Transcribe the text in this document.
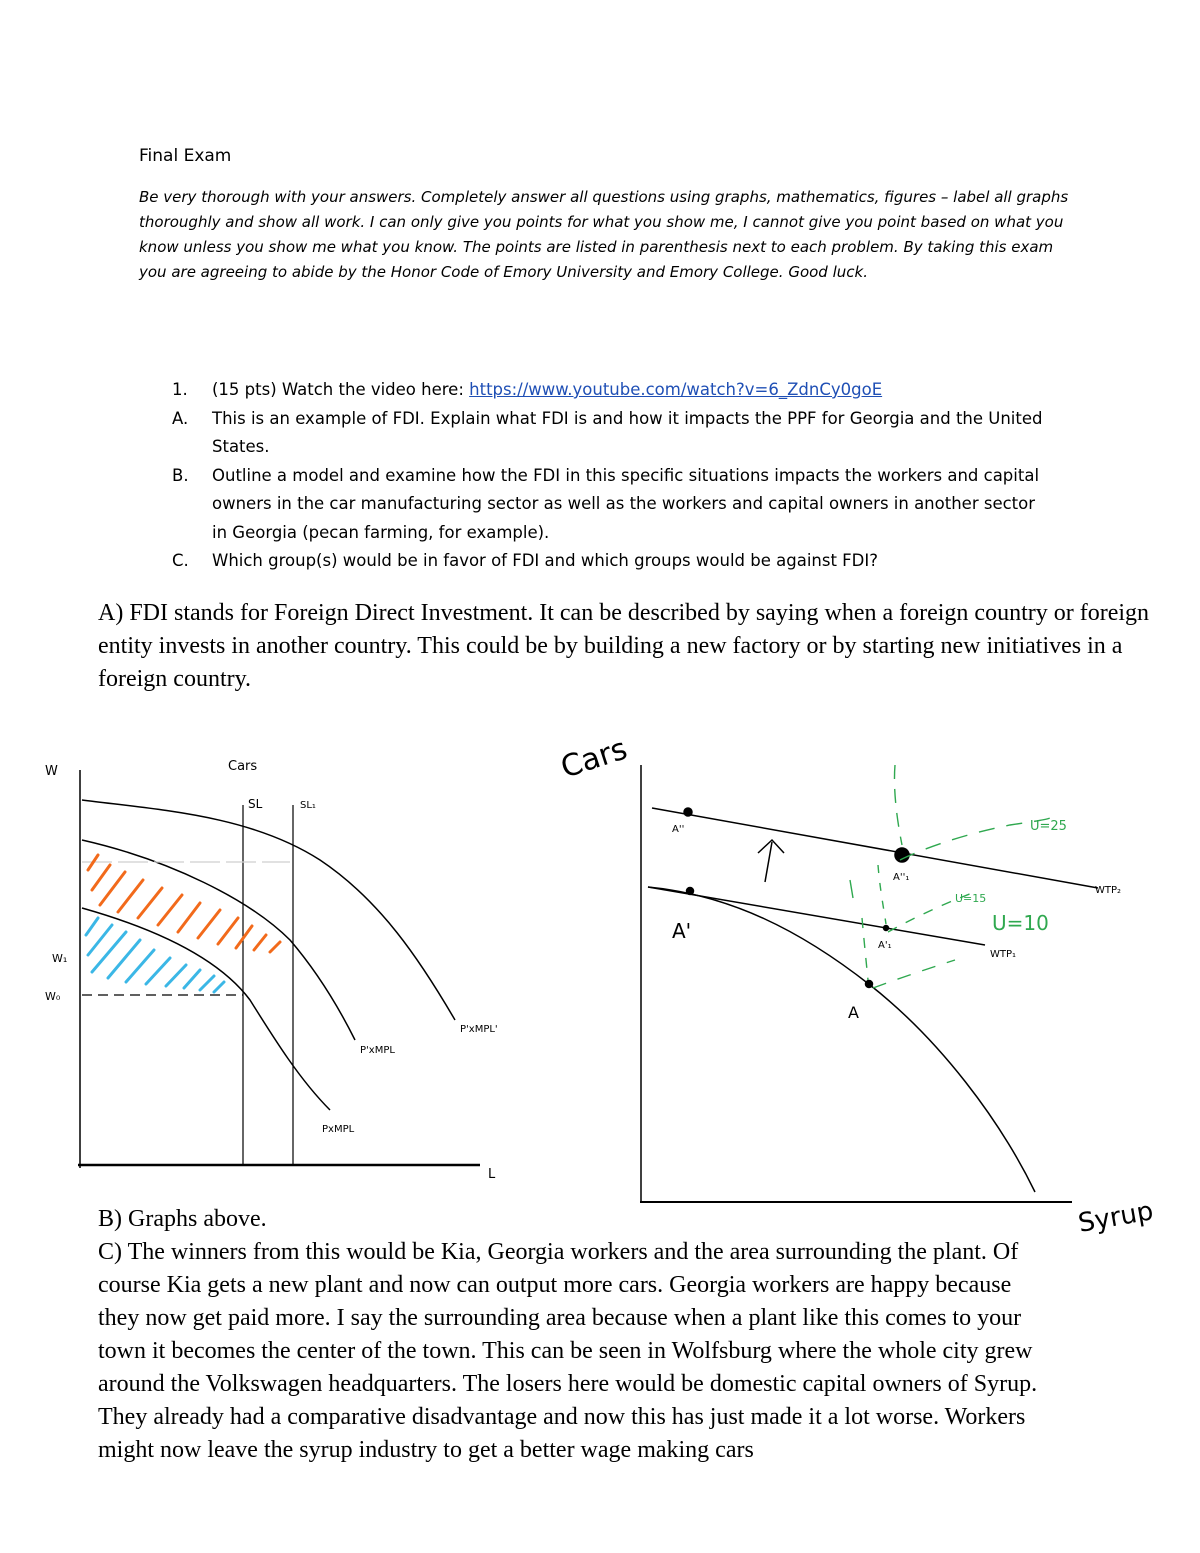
Final Exam

Be very thorough with your answers. Completely answer all questions using graphs, mathematics, figures – label all graphs thoroughly and show all work. I can only give you points for what you show me, I cannot give you point based on what you know unless you show me what you know. The points are listed in parenthesis next to each problem. By taking this exam you are agreeing to abide by the Honor Code of Emory University and Emory College. Good luck.

1. (15 pts) Watch the video here: https://www.youtube.com/watch?v=6_ZdnCy0goE
A. This is an example of FDI. Explain what FDI is and how it impacts the PPF for Georgia and the United States.
B. Outline a model and examine how the FDI in this specific situations impacts the workers and capital owners in the car manufacturing sector as well as the workers and capital owners in another sector in Georgia (pecan farming, for example).
C. Which group(s) would be in favor of FDI and which groups would be against FDI?

A) FDI stands for Foreign Direct Investment. It can be described by saying when a foreign country or foreign entity invests in another country. This could be by building a new factory or by starting new initiatives in a foreign country.

Cars
W
L
W₁
W₀
SL	SL₁
P'xMPL'
P'xMPL
PxMPL
Cars
Syrup
A''
A''₁
A'
A'₁
A
WTP₂
WTP₁
U=25
U=15
U=10

B) Graphs above.

C) The winners from this would be Kia, Georgia workers and the area surrounding the plant. Of course Kia gets a new plant and now can output more cars. Georgia workers are happy because they now get paid more. I say the surrounding area because when a plant like this comes to your town it becomes the center of the town. This can be seen in Wolfsburg where the whole city grew around the Volkswagen headquarters. The losers here would be domestic capital owners of Syrup. They already had a comparative disadvantage and now this has just made it a lot worse. Workers might now leave the syrup industry to get a better wage making cars
